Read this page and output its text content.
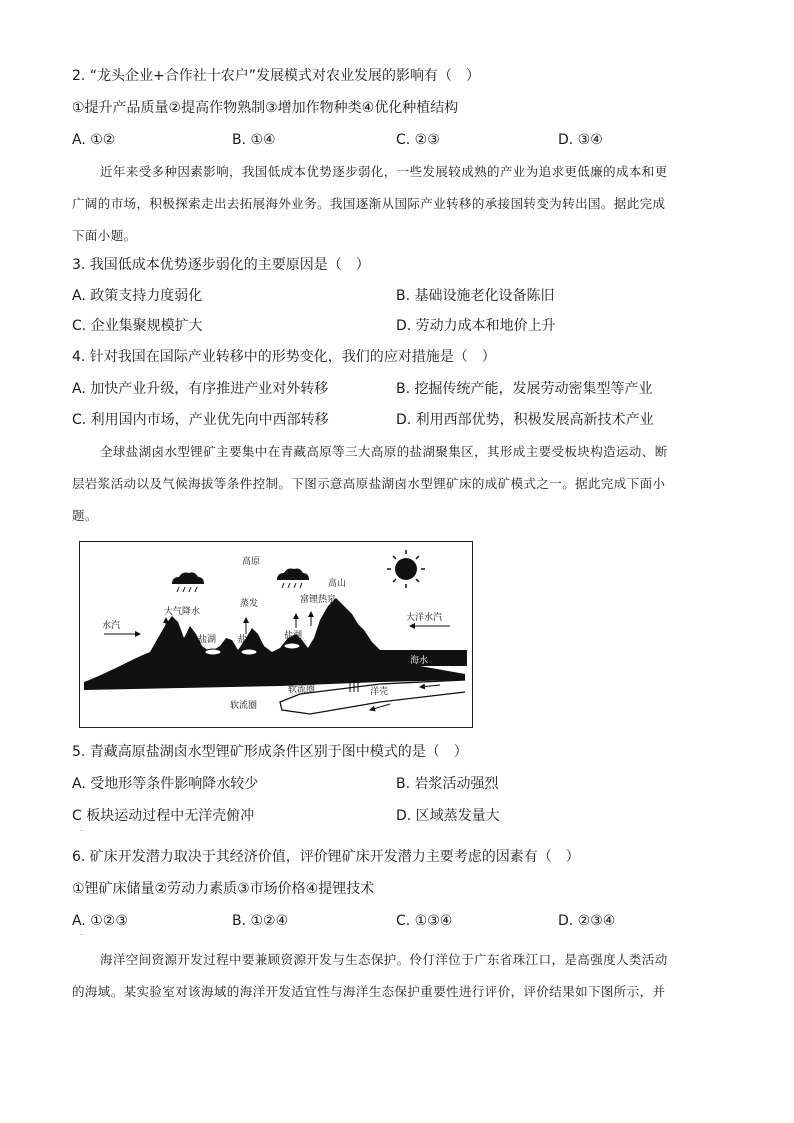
2. “龙头企业+合作社十农户”发展模式对农业发展的影响有（　）
①提升产品质量②提高作物熟制③增加作物种类④优化种植结构
A. ①②	B. ①④	C. ②③	D. ③④
近年来受多种因素影响，我国低成本优势逐步弱化，一些发展较成熟的产业为追求更低廉的成本和更
广阔的市场，积极探索走出去拓展海外业务。我国逐渐从国际产业转移的承接国转变为转出国。据此完成
下面小题。
3. 我国低成本优势逐步弱化的主要原因是（　）
A. 政策支持力度弱化	B. 基础设施老化设备陈旧
C. 企业集聚规模扩大	D. 劳动力成本和地价上升
4. 针对我国在国际产业转移中的形势变化，我们的应对措施是（　）
A. 加快产业升级，有序推进产业对外转移	B. 挖掘传统产能，发展劳动密集型等产业
C. 利用国内市场，产业优先向中西部转移	D. 利用西部优势，积极发展高新技术产业
全球盐湖卤水型锂矿主要集中在青藏高原等三大高原的盐湖聚集区，其形成主要受板块构造运动、断
层岩浆活动以及气候海拔等条件控制。下图示意高原盐湖卤水型锂矿床的成矿模式之一。据此完成下面小
题。
高原
高山
大气降水
蒸发	富锂热泉
大洋水汽
水汽
盐湖 盐湖	盐湖
海水
软流圈
软流圈
洋壳
5. 青藏高原盐湖卤水型锂矿形成条件区别于图中模式的是（　）
A. 受地形等条件影响降水较少	B. 岩浆活动强烈
C 板块运动过程中无洋壳俯冲	D. 区域蒸发量大
.
6. 矿床开发潜力取决于其经济价值，评价锂矿床开发潜力主要考虑的因素有（　）
①锂矿床储量②劳动力素质③市场价格④提锂技术
A. ①②③	B. ①②④	C. ①③④	D. ②③④
.
海洋空间资源开发过程中要兼顾资源开发与生态保护。伶仃洋位于广东省珠江口，是高强度人类活动
的海域。某实验室对该海域的海洋开发适宜性与海洋生态保护重要性进行评价，评价结果如下图所示，并
